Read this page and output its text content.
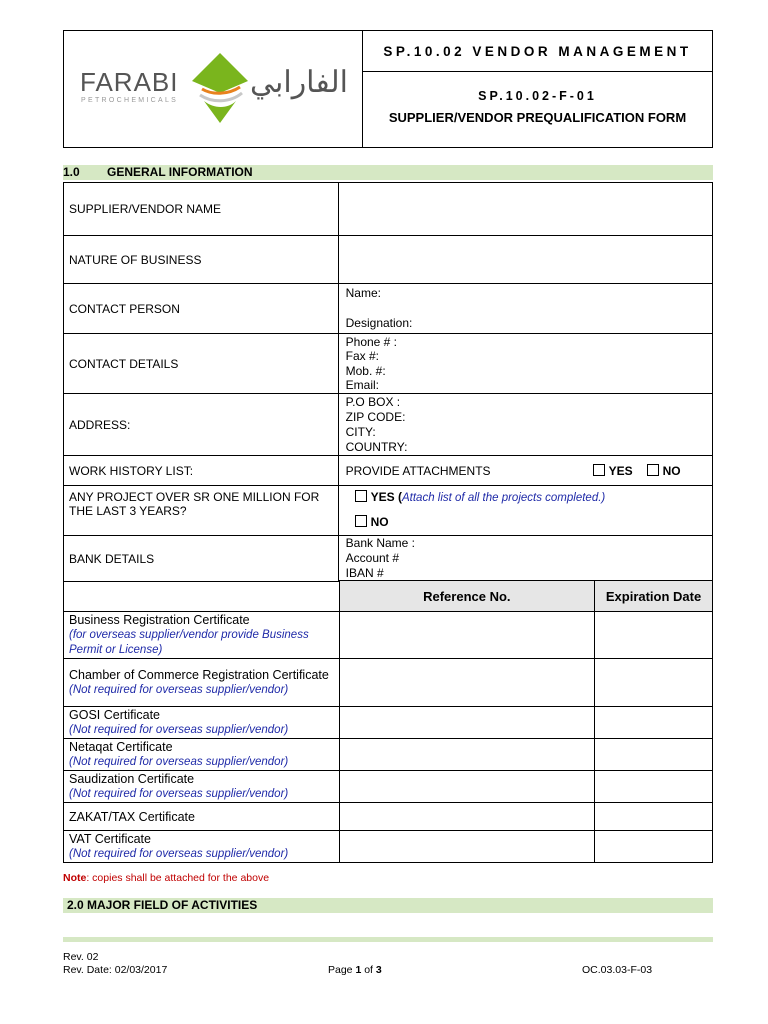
FARABI
PETROCHEMICALS
الفارابي
SP.10.02 VENDOR MANAGEMENT
SP.10.02-F-01
SUPPLIER/VENDOR PREQUALIFICATION FORM
1.0 GENERAL INFORMATION
SUPPLIER/VENDOR NAME	
NATURE OF BUSINESS	
CONTACT PERSON	Name:
Designation:

CONTACT DETAILS	Phone # :
Fax #:
Mob. #:
Email:

ADDRESS:	P.O BOX :
ZIP CODE:
CITY:
COUNTRY:

WORK HISTORY LIST:	PROVIDE ATTACHMENTS YES NO

ANY PROJECT OVER SR ONE MILLION FOR THE LAST 3 YEARS?	YES (Attach list of all the projects completed.)
NO

BANK DETAILS	Bank Name :
Account #
IBAN #
	Reference No.	Expiration Date

Business Registration Certificate
(for overseas supplier/vendor provide Business Permit or License)		

Chamber of Commerce Registration Certificate
(Not required for overseas supplier/vendor)		

GOSI Certificate
(Not required for overseas supplier/vendor)		

Netaqat Certificate
(Not required for overseas supplier/vendor)		

Saudization Certificate
(Not required for overseas supplier/vendor)		

ZAKAT/TAX Certificate		

VAT Certificate
(Not required for overseas supplier/vendor)		

Note: copies shall be attached for the above
2.0 MAJOR FIELD OF ACTIVITIES
Rev. 02
Rev. Date: 02/03/2017	Page 1 of 3	OC.03.03-F-03
